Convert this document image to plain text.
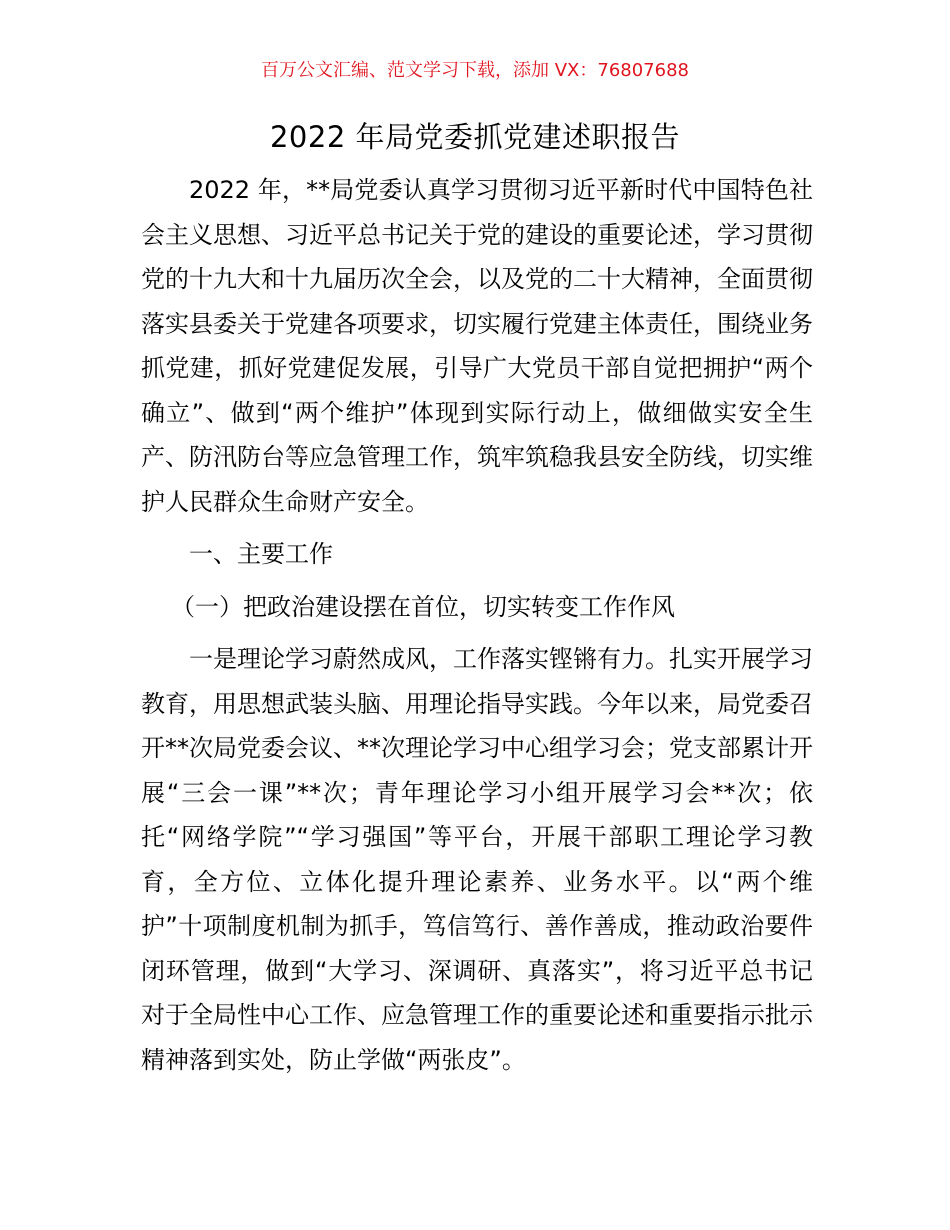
百万公文汇编、范文学习下载，添加 VX：76807688
2022 年局党委抓党建述职报告

2022 年，**局党委认真学习贯彻习近平新时代中国特色社会主义思想、习近平总书记关于党的建设的重要论述，学习贯彻党的十九大和十九届历次全会，以及党的二十大精神，全面贯彻落实县委关于党建各项要求，切实履行党建主体责任，围绕业务抓党建，抓好党建促发展，引导广大党员干部自觉把拥护“两个确立”、做到“两个维护”体现到实际行动上，做细做实安全生产、防汛防台等应急管理工作，筑牢筑稳我县安全防线，切实维护人民群众生命财产安全。

一、主要工作

（一）把政治建设摆在首位，切实转变工作作风

一是理论学习蔚然成风，工作落实铿锵有力。扎实开展学习教育，用思想武装头脑、用理论指导实践。今年以来，局党委召开**次局党委会议、**次理论学习中心组学习会；党支部累计开展“三会一课”**次；青年理论学习小组开展学习会**次；依托“网络学院”“学习强国”等平台，开展干部职工理论学习教育，全方位、立体化提升理论素养、业务水平。以“两个维护”十项制度机制为抓手，笃信笃行、善作善成，推动政治要件闭环管理，做到“大学习、深调研、真落实”，将习近平总书记对于全局性中心工作、应急管理工作的重要论述和重要指示批示精神落到实处，防止学做“两张皮”。
